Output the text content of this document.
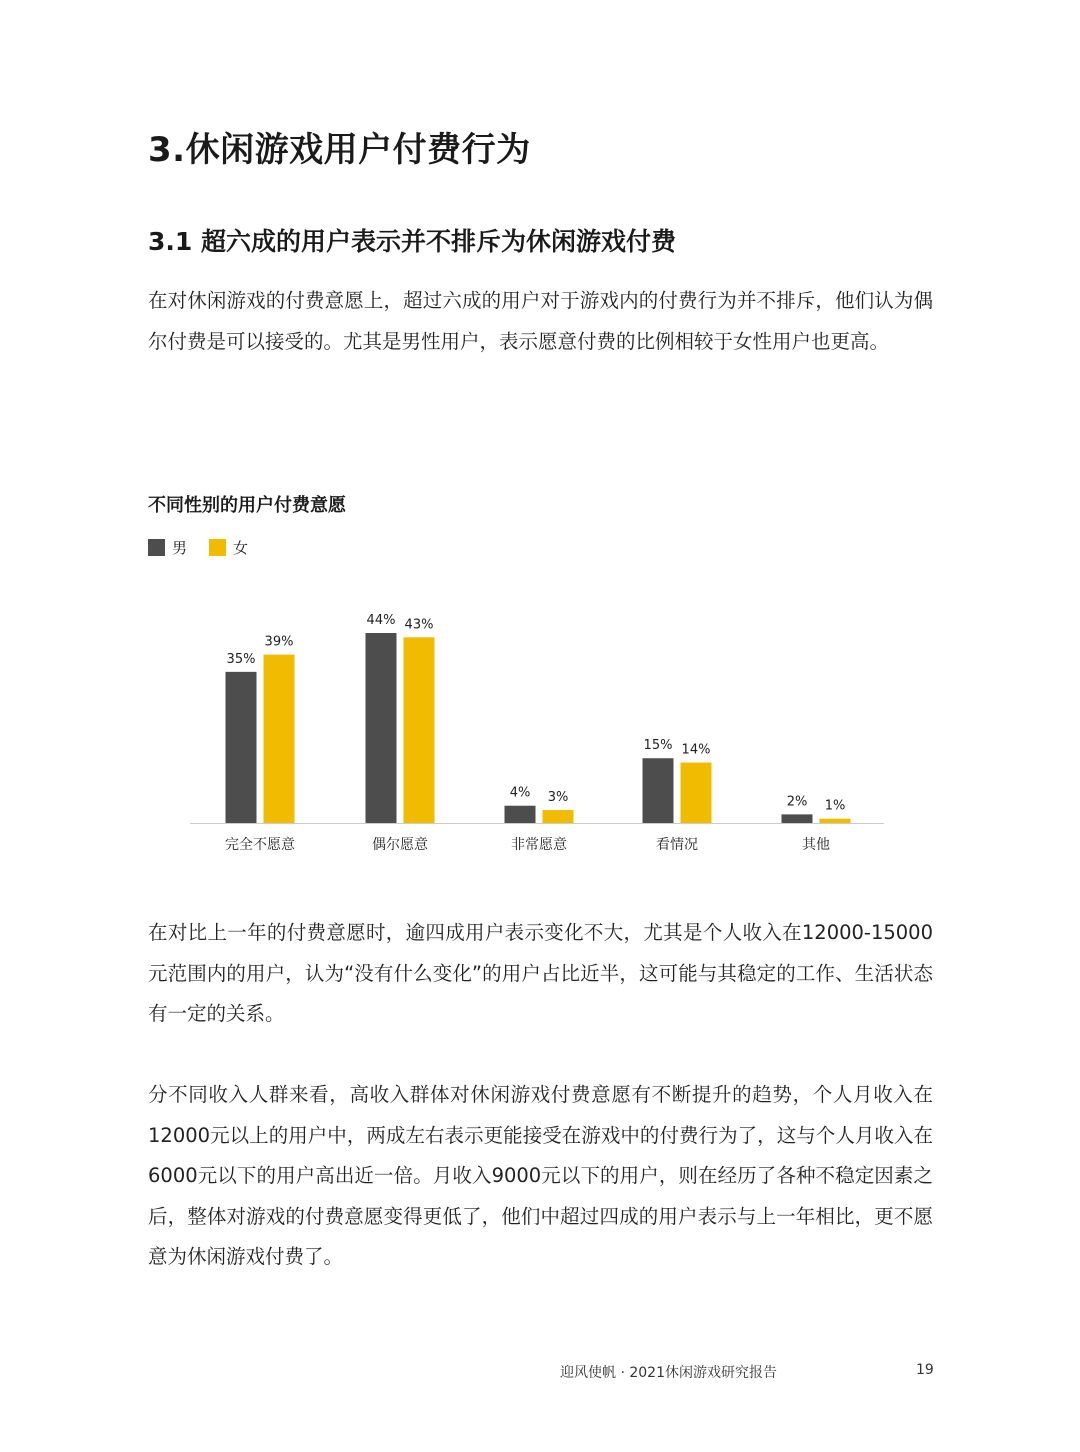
3.休闲游戏用户付费行为
3.1 超六成的用户表示并不排斥为休闲游戏付费

在对休闲游戏的付费意愿上，超过六成的用户对于游戏内的付费行为并不排斥，他们认为偶尔付费是可以接受的。尤其是男性用户，表示愿意付费的比例相较于女性用户也更高。

不同性别的用户付费意愿
男	女
35%
39%
完全不愿意
44% 43%
偶尔愿意
4% 3%
非常愿意
15% 14%
看情况
2% 1%
其他

在对比上一年的付费意愿时，逾四成用户表示变化不大，尤其是个人收入在12000-15000元范围内的用户，认为“没有什么变化”的用户占比近半，这可能与其稳定的工作、生活状态有一定的关系。

分不同收入人群来看，高收入群体对休闲游戏付费意愿有不断提升的趋势，个人月收入在12000元以上的用户中，两成左右表示更能接受在游戏中的付费行为了，这与个人月收入在6000元以下的用户高出近一倍。月收入9000元以下的用户，则在经历了各种不稳定因素之后，整体对游戏的付费意愿变得更低了，他们中超过四成的用户表示与上一年相比，更不愿意为休闲游戏付费了。

迎风使帆 · 2021休闲游戏研究报告	19
